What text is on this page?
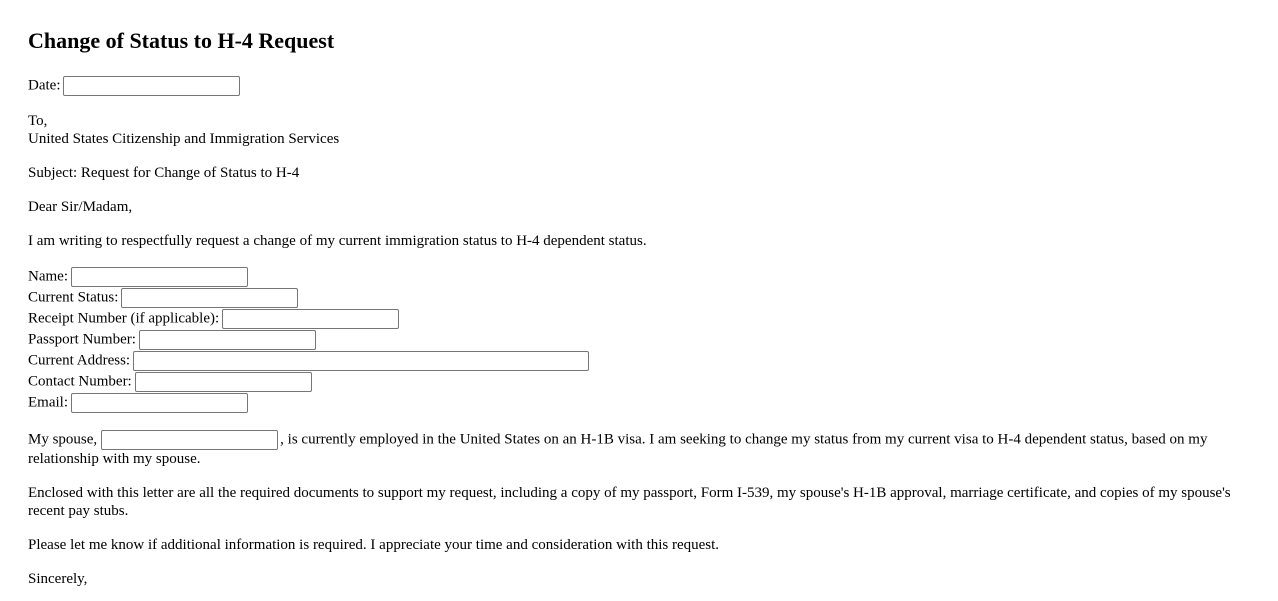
Change of Status to H-4 Request
Date:
To,
United States Citizenship and Immigration Services
Subject: Request for Change of Status to H-4
Dear Sir/Madam,
I am writing to respectfully request a change of my current immigration status to H-4 dependent status.
Name:
Current Status:
Receipt Number (if applicable):
Passport Number:
Current Address:
Contact Number:
Email:
My spouse,	, is currently employed in the United States on an H-1B visa. I am seeking to change my status from my current visa to H-4 dependent status, based on my relationship with my spouse.
Enclosed with this letter are all the required documents to support my request, including a copy of my passport, Form I-539, my spouse's H-1B approval, marriage certificate, and copies of my spouse's recent pay stubs.
Please let me know if additional information is required. I appreciate your time and consideration with this request.
Sincerely,
